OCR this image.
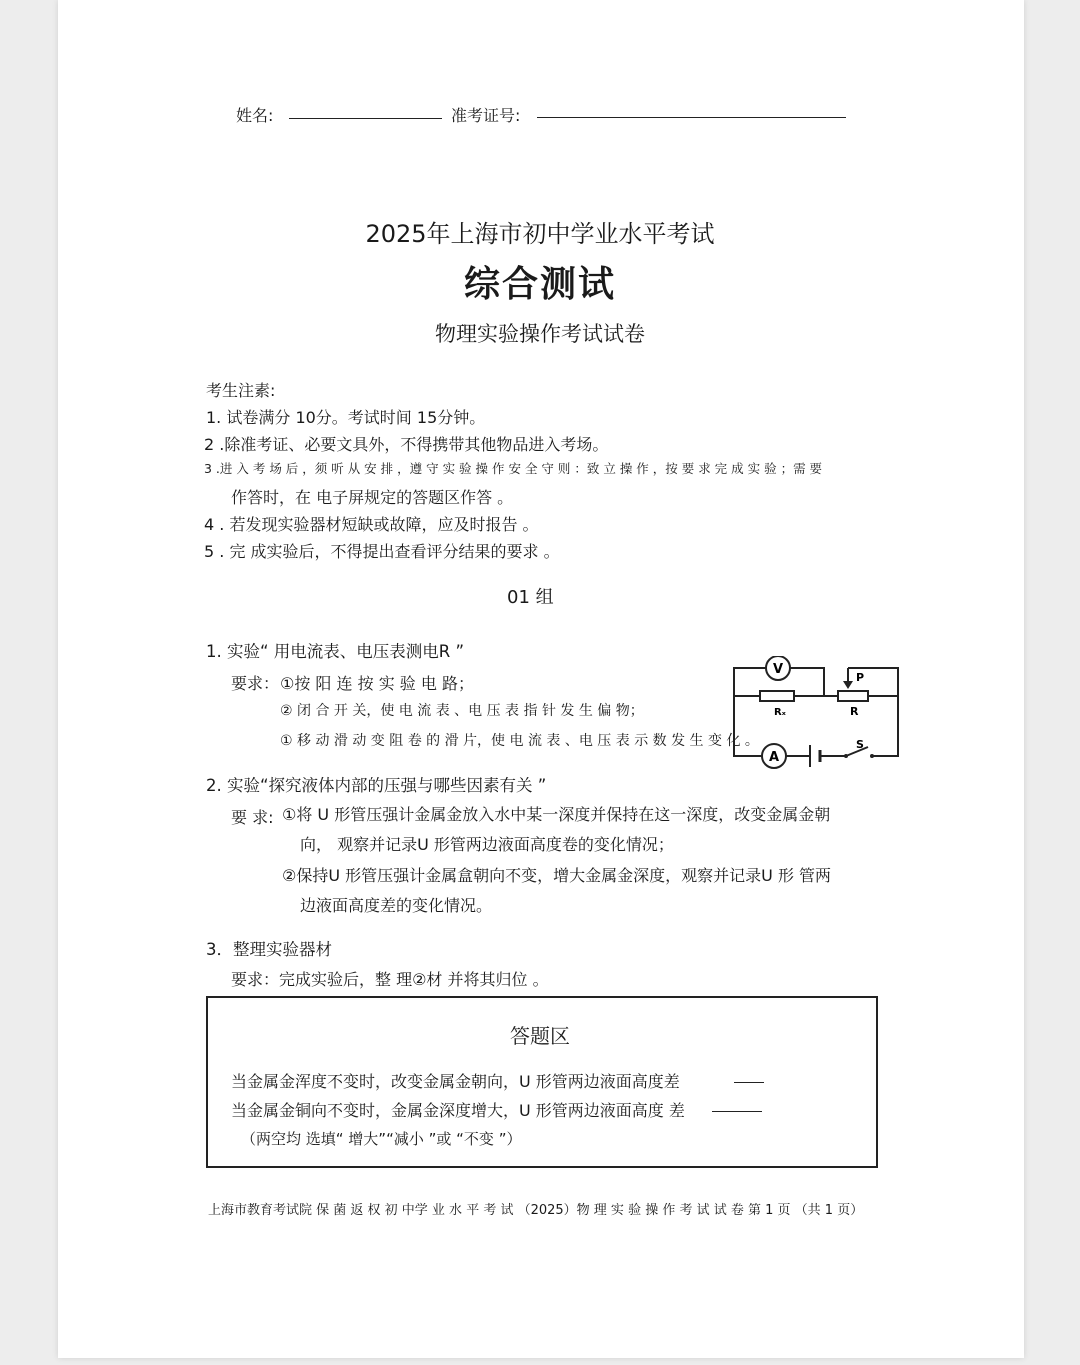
姓名:	准考证号:
2025年上海市初中学业水平考试
综合测试
物理实验操作考试试卷
考生注素:
1. 试卷满分 10分。考试时间 15分钟。
2 .除准考证、必要文具外，不得携带其他物品进入考场。
3 .进 入 考 场 后 ，须 听 从 安 排 ，遵 守 实 验 操 作 安 全 守 则 ：致 立 操 作 ，按 要 求 完 成 实 验 ；需 要
作答时，在 电子屏规定的答题区作答 。
4 . 若发现实验器材短缺或故障，应及时报告 。
5 . 完 成实验后，不得提出查看评分结果的要求 。
01 组
1. 实验“ 用电流表、电压表测电R ”
要求： ①按 阳 连 按 实 验 电 路；
② 闭 合 开 关，使 电 流 表 、电 压 表 指 针 发 生 偏 物；
① 移 动 滑 动 变 阻 卷 的 滑 片，使 电 流 表 、电 压 表 示 数 发 生 变 化 。
V
Rₓ
P
R
A
S
2. 实验“探究液体内部的压强与哪些因素有关 ”
要 求: ①将 U 形管压强计金属金放入水中某一深度并保持在这一深度，改变金属金朝
向， 观察并记录U 形管两边液面高度卷的变化情况；
②保持U 形管压强计金属盒朝向不变，增大金属金深度，观察并记录U 形 管两
边液面高度差的变化情况。
3．整理实验器材
要求：完成实验后，整 理②材 并将其归位 。
答题区
当金属金浑度不变时，改变金属金朝向，U 形管两边液面高度差
当金属金铜向不变时，金属金深度增大，U 形管两边液面高度 差
（两空均 选填“ 增大”“减小 ”或 “不变 ”）
上海市教育考试院 保 菌 返 权 初 中学 业 水 平 考 试 （2025）物 理 实 验 操 作 考 试 试 卷 第 1 页 （共 1 页）
